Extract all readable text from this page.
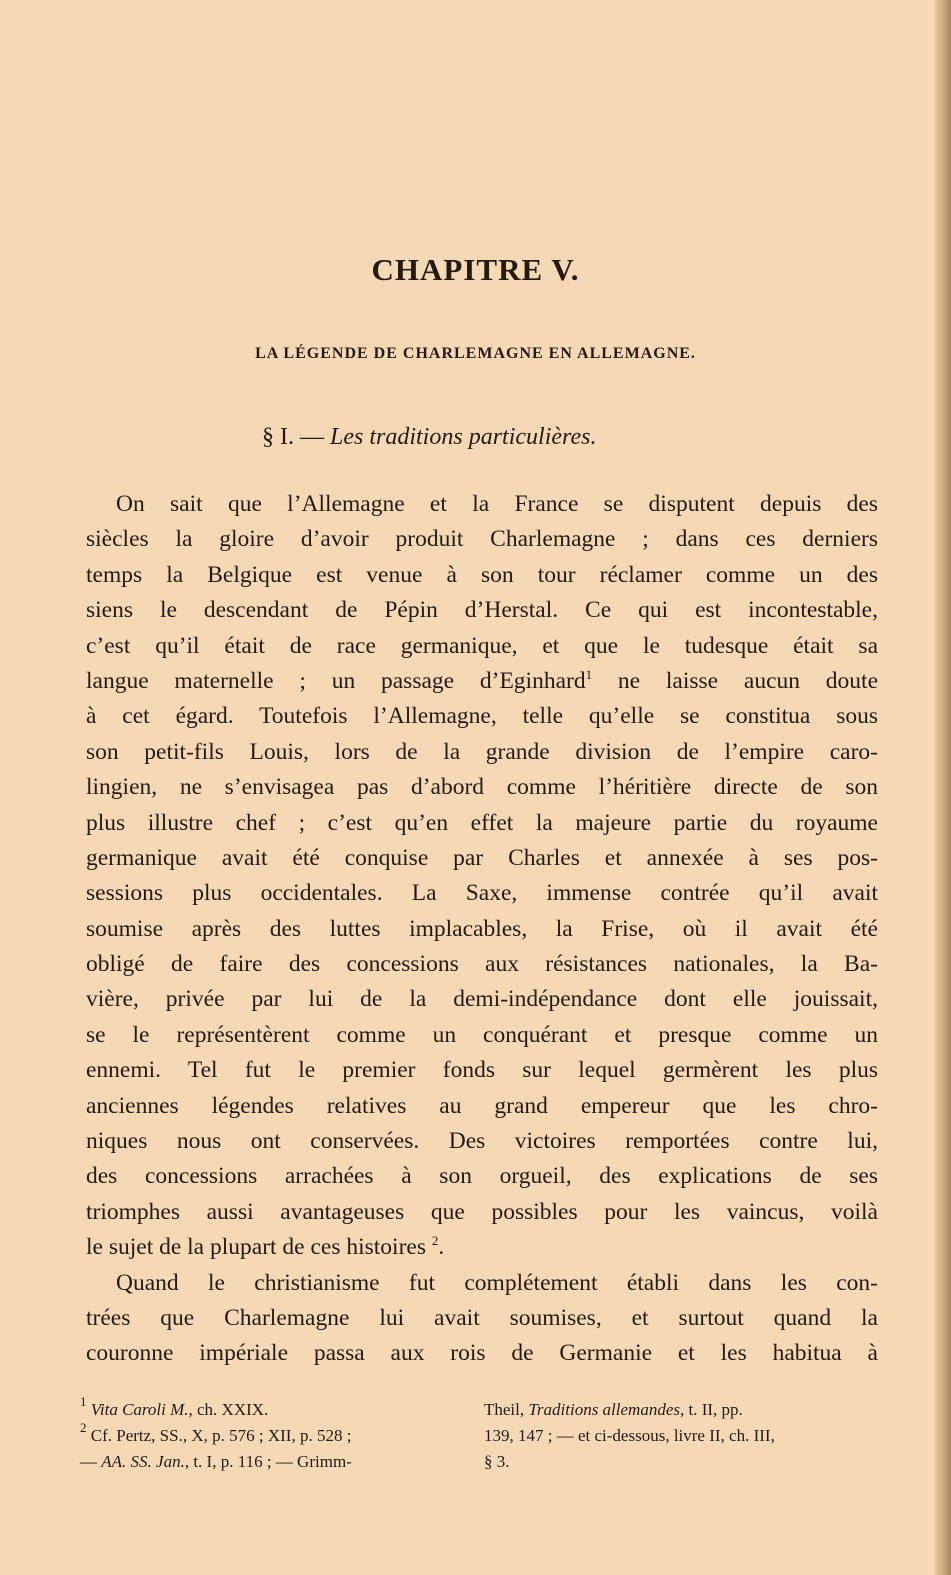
CHAPITRE V.
LA LÉGENDE DE CHARLEMAGNE EN ALLEMAGNE.
§ I. — Les traditions particulières.
On sait que l’Allemagne et la France se disputent depuis des
siècles la gloire d’avoir produit Charlemagne ; dans ces derniers
temps la Belgique est venue à son tour réclamer comme un des
siens le descendant de Pépin d’Herstal. Ce qui est incontestable,
c’est qu’il était de race germanique, et que le tudesque était sa
langue maternelle ; un passage d’Eginhard$^1$ ne laisse aucun doute
à cet égard. Toutefois l’Allemagne, telle qu’elle se constitua sous
son petit-fils Louis, lors de la grande division de l’empire caro-
lingien, ne s’envisagea pas d’abord comme l’héritière directe de son
plus illustre chef ; c’est qu’en effet la majeure partie du royaume
germanique avait été conquise par Charles et annexée à ses pos-
sessions plus occidentales. La Saxe, immense contrée qu’il avait
soumise après des luttes implacables, la Frise, où il avait été
obligé de faire des concessions aux résistances nationales, la Ba-
vière, privée par lui de la demi-indépendance dont elle jouissait,
se le représentèrent comme un conquérant et presque comme un
ennemi. Tel fut le premier fonds sur lequel germèrent les plus
anciennes légendes relatives au grand empereur que les chro-
niques nous ont conservées. Des victoires remportées contre lui,
des concessions arrachées à son orgueil, des explications de ses
triomphes aussi avantageuses que possibles pour les vaincus, voilà
le sujet de la plupart de ces histoires $^2$.
Quand le christianisme fut complétement établi dans les con-
trées que Charlemagne lui avait soumises, et surtout quand la
couronne impériale passa aux rois de Germanie et les habitua à
$^1$ Vita Caroli M., ch. XXIX.
$^2$ Cf. Pertz, SS., X, p. 576 ; XII, p. 528 ;
— AA. SS. Jan., t. I, p. 116 ; — Grimm-
Theil, Traditions allemandes, t. II, pp.
139, 147 ; — et ci-dessous, livre II, ch. III,
§ 3.
